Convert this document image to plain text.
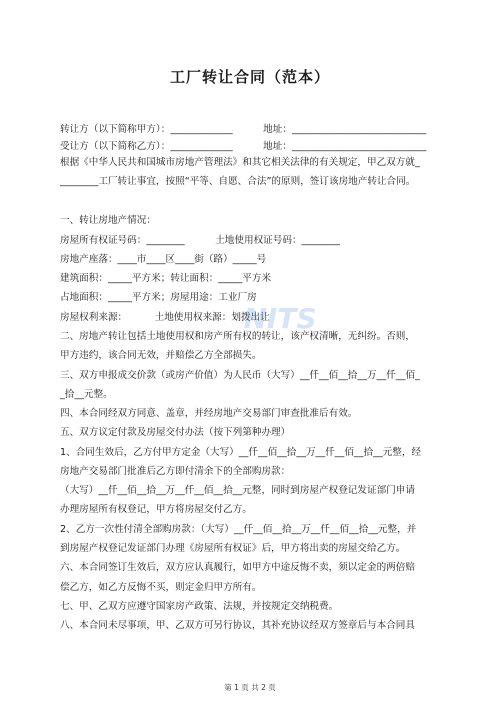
工厂转让合同（范本）
转让方（以下简称甲方）：_____________          地址：____________________________
受让方（以下简称乙方）：_____________          地址：____________________________
根据《中华人民共和国城市房地产管理法》和其它相关法律的有关规定，甲乙双方就_
________工厂转让事宜，按照“平等、自愿、合法”的原则，签订该房地产转让合同。
一、转让房地产情况：
房屋所有权证号码：________          土地使用权证号码：________
房地产座落：____市____区____街（路）_____号
建筑面积：_____平方米；转让面积：_____平方米
占地面积：_____平方米；房屋用途：工业厂房
房屋权利来源：         土地使用权来源：划拨出让
二、房地产转让包括土地使用权和房产所有权的转让，该产权清晰，无纠纷。否则，
甲方违约，该合同无效，并赔偿乙方全部损失。
三、双方申报成交价款（或房产价值）为人民币（大写）__仟__佰__拾__万__仟__佰_
_拾__元整。
四、本合同经双方同意、盖章，并经房地产交易部门审查批准后有效。
五、双方议定付款及房屋交付办法（按下列第种办理）
1、合同生效后，乙方付甲方定金（大写）__仟__佰__拾__万__仟__佰__拾__元整，经
房地产交易部门批准后乙方即付清余下的全部购房款：
（大写）__仟__佰__拾__万__仟__佰__拾__元整，同时到房屋产权登记发证部门申请
办理房屋所有权登记，甲方将房屋交付乙方。
2、乙方一次性付清全部购房款：（大写）__仟__佰__拾__万__仟__佰__拾__元整，并
到房屋产权登记发证部门办理《房屋所有权证》后，甲方将出卖的房屋交给乙方。
六、本合同签订生效后，双方应认真履行，如甲方中途反悔不卖，须以定金的两倍赔
偿乙方，如乙方反悔不买，则定金归甲方所有。
七、甲、乙双方应遵守国家房产政策、法规，并按规定交纳税费。
八、本合同未尽事项，甲、乙双方可另行协议，其补充协议经双方签章后与本合同具
NITS
第 1 页 共 2 页
